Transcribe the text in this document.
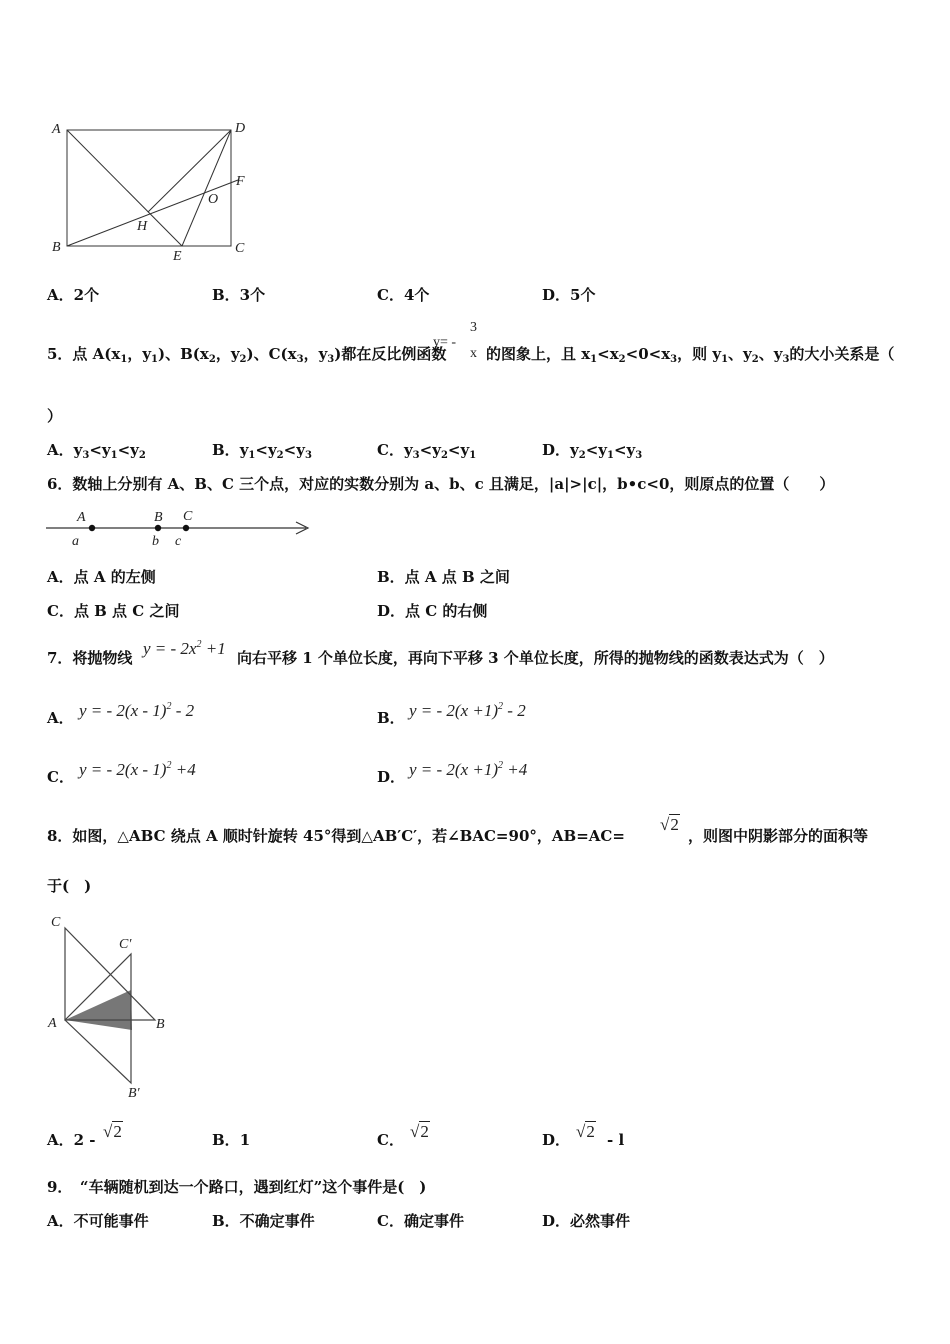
A	D
F
O
H
B
E
C
A．2个	B．3个	C．4个	D．5个
5．点 $A(x_1$，$y_1$)、$B(x_2$，$y_2$)、$C(x_3$，$y_3$)都在反比例函数
y= -
3
x 的图象上，且 $x_1<x_2<0<x_3$，则 $y_1$、$y_2$、$y_3$的大小关系是（
）
A．$y_3<y_1<y_2$	B．$y_1<y_2<y_3$	C．$y_3<y_2<y_1$	D．$y_2<y_1<y_3$
6．数轴上分别有 A、B、C 三个点，对应的实数分别为 a、b、c 且满足，|a|>|c|，b•c<0，则原点的位置（　　）
A	B C
a	b c
A．点 A 的左侧	B．点 A 点 B 之间
C．点 B 点 C 之间	D．点 C 的右侧
7．将抛物线 y = - $2x^2 +1$ 向右平移 1 个单位长度，再向下平移 3 个单位长度，所得的抛物线的函数表达式为（　）
A． y = - 2(x - 1)$^2$ - 2	B． y = - $2(x +1)^2 - 2$
C． y = - 2(x - 1)$^2$ +4	D． y = - $2(x +1)^2 +4$
8．如图，△ABC 绕点 A 顺时针旋转 45°得到△AB′C′，若∠BAC=90°，AB=AC=
√2
，则图中阴影部分的面积等
于(　)
C
C′
A	B
B′
A．2 - √2	B．1	C． √2	D． √2 - l
9．　“车辆随机到达一个路口，遇到红灯”这个事件是(　)
A．不可能事件	B．不确定事件	C．确定事件	D．必然事件
